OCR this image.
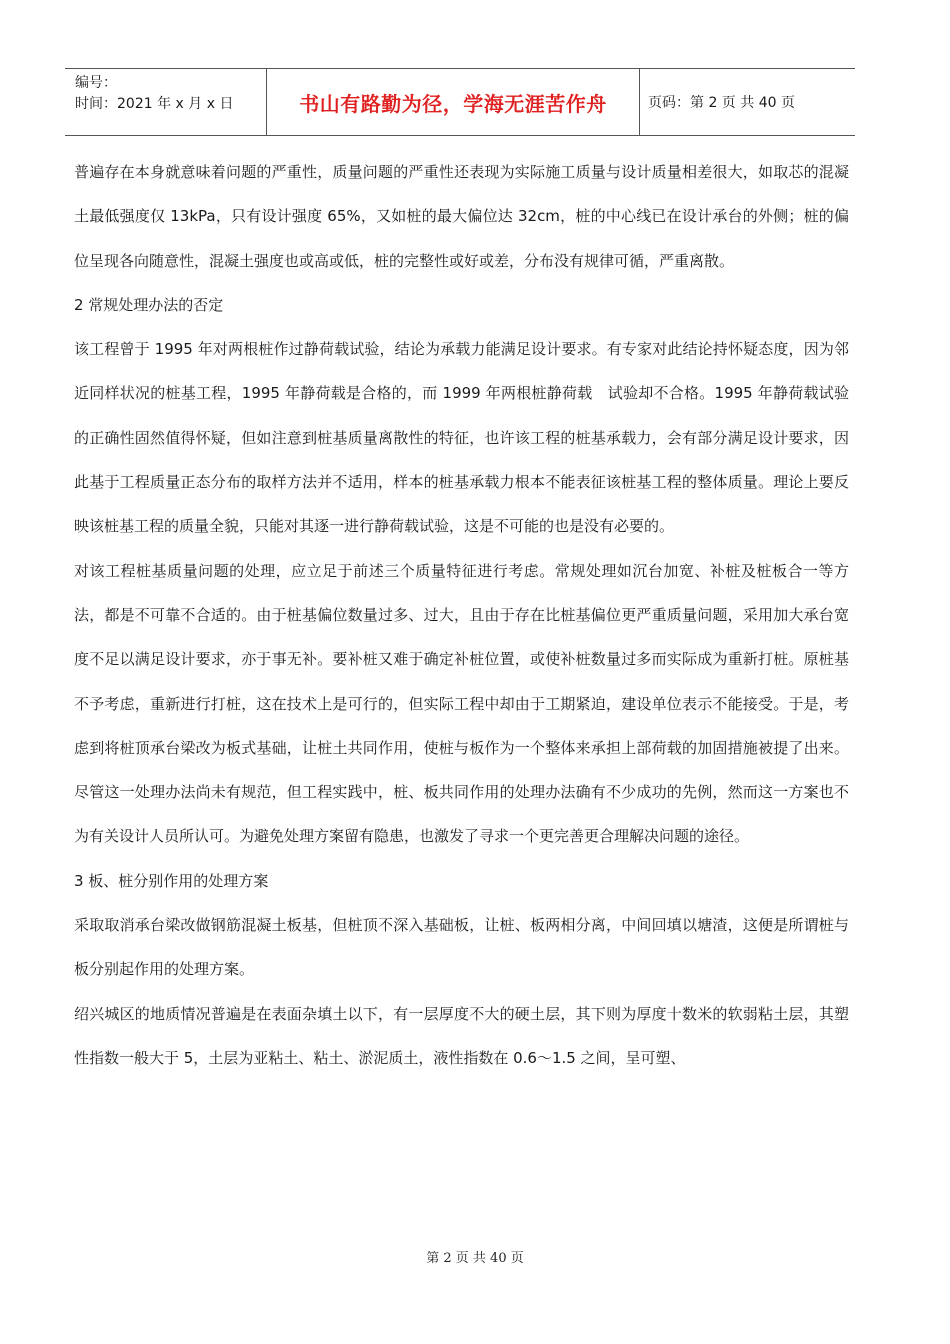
编号：
时间：2021 年 x 月 x 日	书山有路勤为径，学海无涯苦作舟	页码：第 2 页 共 40 页

普遍存在本身就意味着问题的严重性，质量问题的严重性还表现为实际施工质量与设计质量相差很大，如取芯的混凝土最低强度仅 13kPa，只有设计强度 65%，又如桩的最大偏位达 32cm，桩的中心线已在设计承台的外侧；桩的偏位呈现各向随意性，混凝土强度也或高或低，桩的完整性或好或差，分布没有规律可循，严重离散。

2 常规处理办法的否定

该工程曾于 1995 年对两根桩作过静荷载试验，结论为承载力能满足设计要求。有专家对此结论持怀疑态度，因为邻近同样状况的桩基工程，1995 年静荷载是合格的，而 1999 年两根桩静荷载　试验却不合格。1995 年静荷载试验的正确性固然值得怀疑，但如注意到桩基质量离散性的特征，也许该工程的桩基承载力，会有部分满足设计要求，因此基于工程质量正态分布的取样方法并不适用，样本的桩基承载力根本不能表征该桩基工程的整体质量。理论上要反映该桩基工程的质量全貌，只能对其逐一进行静荷载试验，这是不可能的也是没有必要的。

对该工程桩基质量问题的处理，应立足于前述三个质量特征进行考虑。常规处理如沉台加宽、补桩及桩板合一等方法，都是不可靠不合适的。由于桩基偏位数量过多、过大，且由于存在比桩基偏位更严重质量问题，采用加大承台宽度不足以满足设计要求，亦于事无补。要补桩又难于确定补桩位置，或使补桩数量过多而实际成为重新打桩。原桩基不予考虑，重新进行打桩，这在技术上是可行的，但实际工程中却由于工期紧迫，建设单位表示不能接受。于是，考虑到将桩顶承台梁改为板式基础，让桩土共同作用，使桩与板作为一个整体来承担上部荷载的加固措施被提了出来。尽管这一处理办法尚未有规范，但工程实践中，桩、板共同作用的处理办法确有不少成功的先例，然而这一方案也不为有关设计人员所认可。为避免处理方案留有隐患，也激发了寻求一个更完善更合理解决问题的途径。

3 板、桩分别作用的处理方案

采取取消承台梁改做钢筋混凝土板基，但桩顶不深入基础板，让桩、板两相分离，中间回填以塘渣，这便是所谓桩与板分别起作用的处理方案。

绍兴城区的地质情况普遍是在表面杂填土以下，有一层厚度不大的硬土层，其下则为厚度十数米的软弱粘土层，其塑性指数一般大于 5，土层为亚粘土、粘土、淤泥质土，液性指数在 0.6～1.5 之间，呈可塑、

第 2 页 共 40 页
